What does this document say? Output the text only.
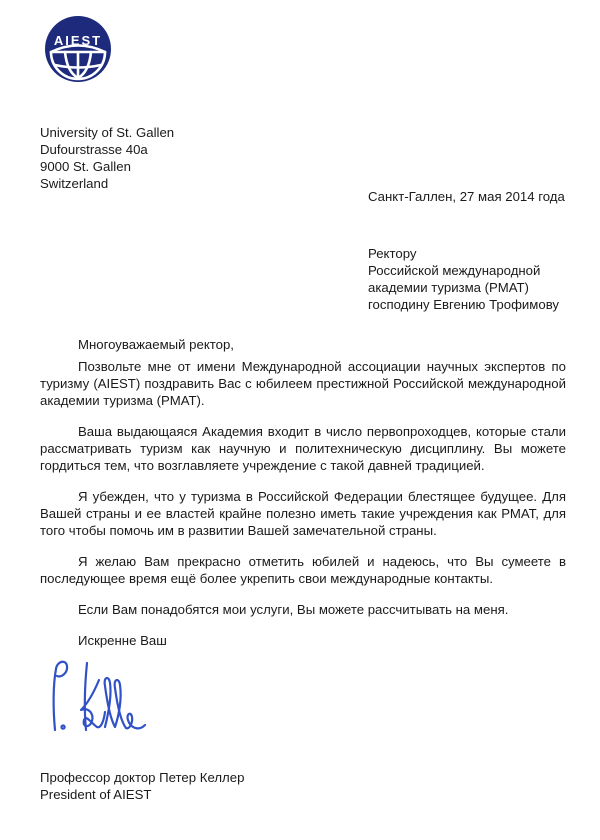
AIEST
University of St. Gallen
Dufourstrasse 40a
9000 St. Gallen
Switzerland
Санкт-Галлен, 27 мая 2014 года
Ректору
Российской международной
академии туризма (РМАТ)
господину Евгению Трофимову

Многоуважаемый ректор,

Позвольте мне от имени Международной ассоциации научных экспертов по туризму (AIEST) поздравить Вас с юбилеем престижной Российской международной академии туризма (РМАТ).

Ваша выдающаяся Академия входит в число первопроходцев, которые стали рассматривать туризм как научную и политехническую дисциплину. Вы можете гордиться тем, что возглавляете учреждение с такой давней традицией.

Я убежден, что у туризма в Российской Федерации блестящее будущее. Для Вашей страны и ее властей крайне полезно иметь такие учреждения как РМАТ, для того чтобы помочь им в развитии Вашей замечательной страны.

Я желаю Вам прекрасно отметить юбилей и надеюсь, что Вы сумеете в последующее время ещё более укрепить свои международные контакты.

Если Вам понадобятся мои услуги, Вы можете рассчитывать на меня.

Искренне Ваш

Профессор доктор Петер Келлер
President of AIEST
